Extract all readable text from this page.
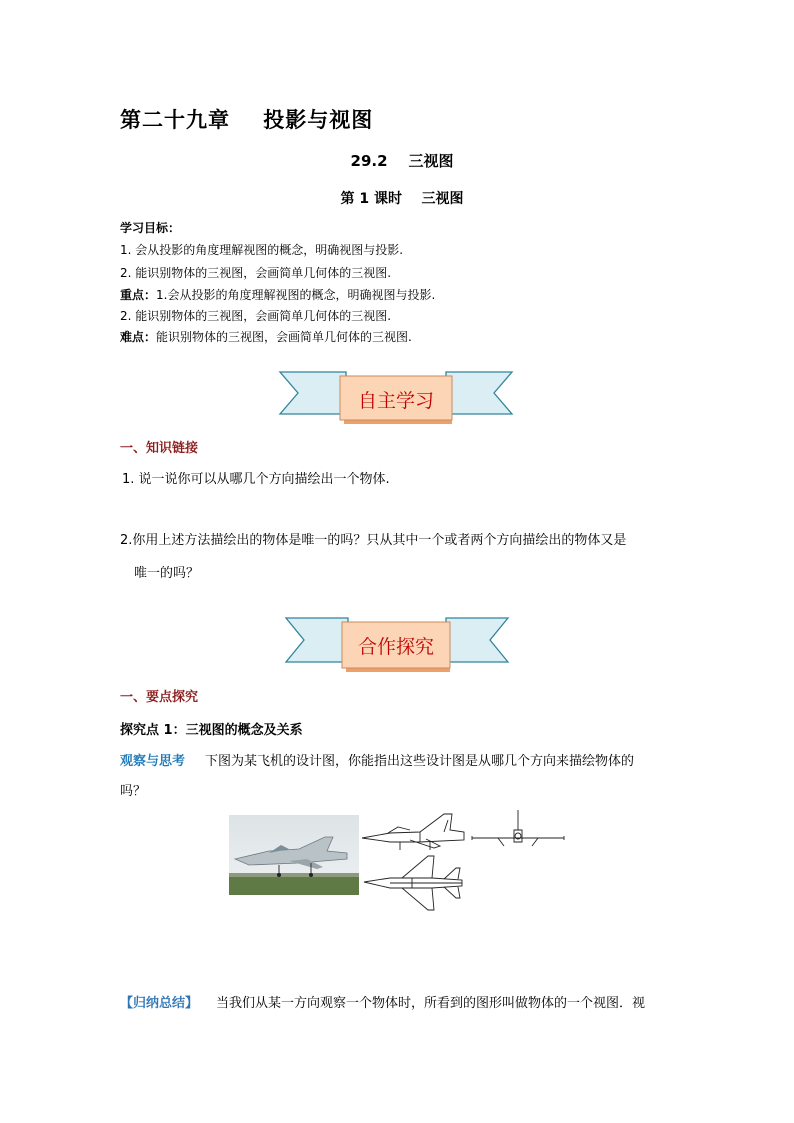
第二十九章    投影与视图
29.2    三视图
第 1 课时    三视图
学习目标：
1. 会从投影的角度理解视图的概念，明确视图与投影.
2. 能识别物体的三视图，会画简单几何体的三视图.
重点：1.会从投影的角度理解视图的概念，明确视图与投影.
2. 能识别物体的三视图，会画简单几何体的三视图.
难点：能识别物体的三视图，会画简单几何体的三视图.
自主学习
一、知识链接
1. 说一说你可以从哪几个方向描绘出一个物体.
2.你用上述方法描绘出的物体是唯一的吗？只从其中一个或者两个方向描绘出的物体又是
唯一的吗？
合作探究
一、要点探究
探究点 1：三视图的概念及关系
观察与思考 下图为某飞机的设计图，你能指出这些设计图是从哪几个方向来描绘物体的
吗？
【归纳总结】 当我们从某一方向观察一个物体时，所看到的图形叫做物体的一个视图．视
